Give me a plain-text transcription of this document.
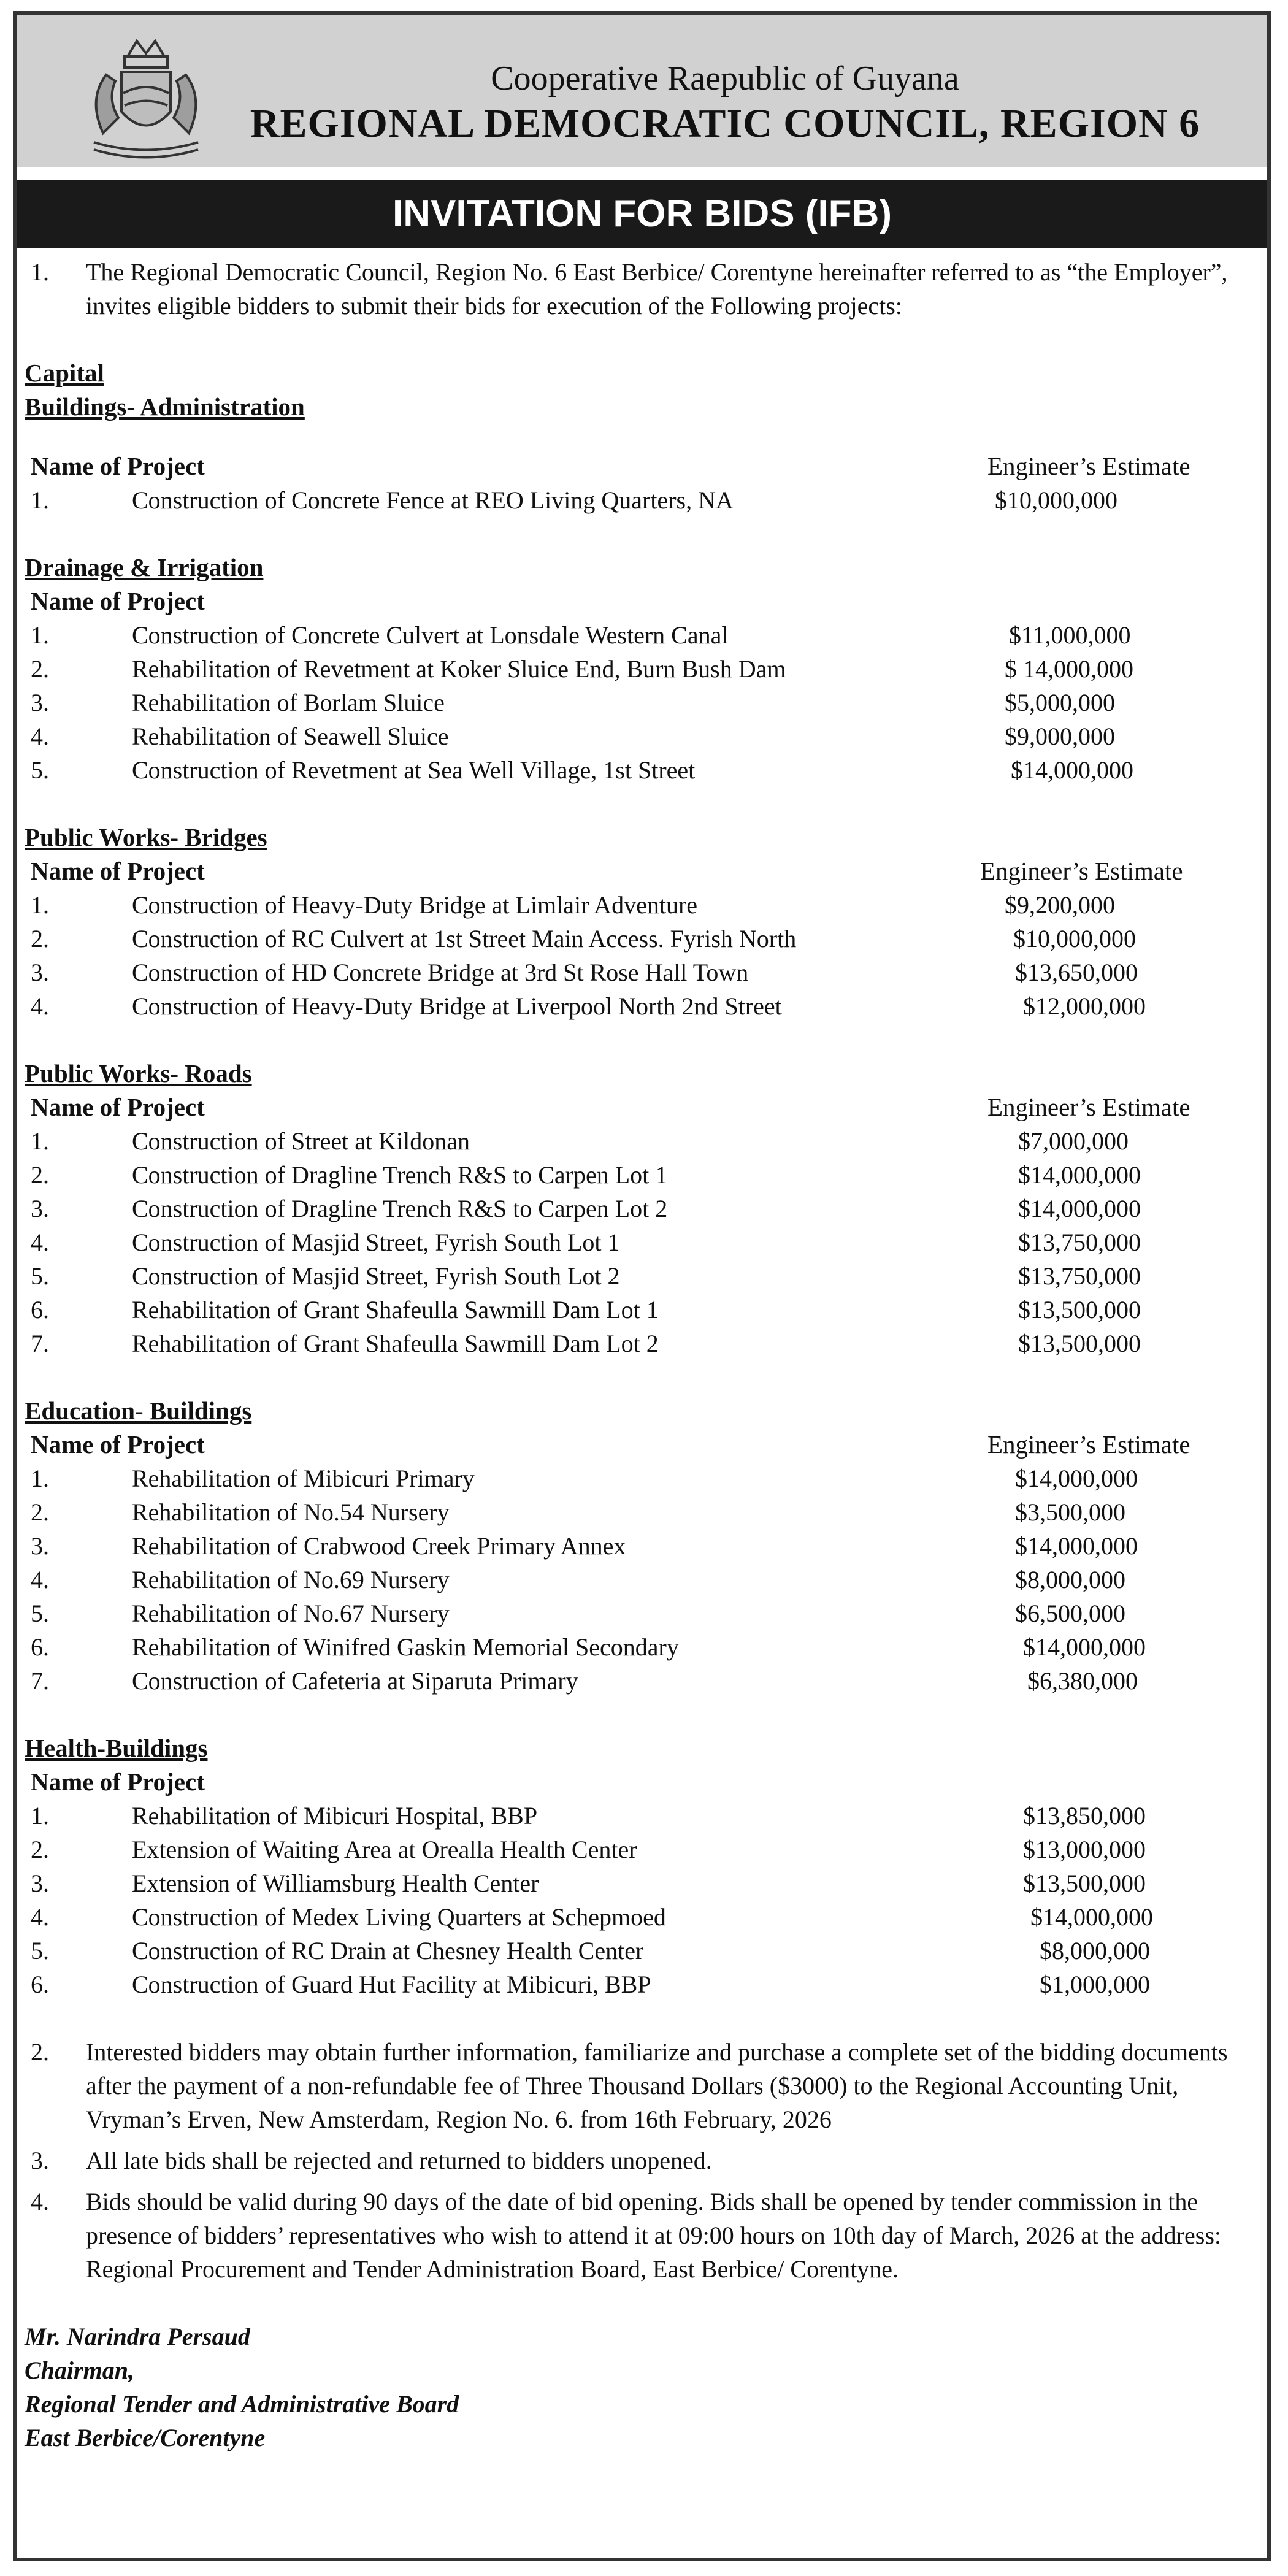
Cooperative Raepublic of Guyana
REGIONAL DEMOCRATIC COUNCIL, REGION 6
INVITATION FOR BIDS (IFB)
1. The Regional Democratic Council, Region No. 6 East Berbice/ Corentyne hereinafter referred to as “the Employer”, invites eligible bidders to submit their bids for execution of the Following projects:
Capital
Buildings- Administration
Name of Project	Engineer’s Estimate
1.	Construction of Concrete Fence at REO Living Quarters, NA	$10,000,000
Drainage & Irrigation
Name of Project
1.	Construction of Concrete Culvert at Lonsdale Western Canal	$11,000,000
2.	Rehabilitation of Revetment at Koker Sluice End, Burn Bush Dam	$ 14,000,000
3.	Rehabilitation of Borlam Sluice	$5,000,000
4.	Rehabilitation of Seawell Sluice	$9,000,000
5.	Construction of Revetment at Sea Well Village, 1st Street	$14,000,000
Public Works- Bridges
Name of Project	Engineer’s Estimate
1.	Construction of Heavy-Duty Bridge at Limlair Adventure	$9,200,000
2.	Construction of RC Culvert at 1st Street Main Access. Fyrish North	$10,000,000
3.	Construction of HD Concrete Bridge at 3rd St Rose Hall Town	$13,650,000
4.	Construction of Heavy-Duty Bridge at Liverpool North 2nd Street	$12,000,000
Public Works- Roads
Name of Project	Engineer’s Estimate
1.	Construction of Street at Kildonan	$7,000,000
2.	Construction of Dragline Trench R&S to Carpen Lot 1	$14,000,000
3.	Construction of Dragline Trench R&S to Carpen Lot 2	$14,000,000
4.	Construction of Masjid Street, Fyrish South Lot 1	$13,750,000
5.	Construction of Masjid Street, Fyrish South Lot 2	$13,750,000
6.	Rehabilitation of Grant Shafeulla Sawmill Dam Lot 1	$13,500,000
7.	Rehabilitation of Grant Shafeulla Sawmill Dam Lot 2	$13,500,000
Education- Buildings
Name of Project	Engineer’s Estimate
1.	Rehabilitation of Mibicuri Primary	$14,000,000
2.	Rehabilitation of No.54 Nursery	$3,500,000
3.	Rehabilitation of Crabwood Creek Primary Annex	$14,000,000
4.	Rehabilitation of No.69 Nursery	$8,000,000
5.	Rehabilitation of No.67 Nursery	$6,500,000
6.	Rehabilitation of Winifred Gaskin Memorial Secondary	$14,000,000
7.	Construction of Cafeteria at Siparuta Primary	$6,380,000
Health-Buildings
Name of Project
1.	Rehabilitation of Mibicuri Hospital, BBP	$13,850,000
2.	Extension of Waiting Area at Orealla Health Center	$13,000,000
3.	Extension of Williamsburg Health Center	$13,500,000
4.	Construction of Medex Living Quarters at Schepmoed	$14,000,000
5.	Construction of RC Drain at Chesney Health Center	$8,000,000
6.	Construction of Guard Hut Facility at Mibicuri, BBP	$1,000,000
2. Interested bidders may obtain further information, familiarize and purchase a complete set of the bidding documents after the payment of a non-refundable fee of Three Thousand Dollars ($3000) to the Regional Accounting Unit, Vryman’s Erven, New Amsterdam, Region No. 6. from 16th February, 2026
3. All late bids shall be rejected and returned to bidders unopened.
4. Bids should be valid during 90 days of the date of bid opening. Bids shall be opened by tender commission in the presence of bidders’ representatives who wish to attend it at 09:00 hours on 10th day of March, 2026 at the address: Regional Procurement and Tender Administration Board, East Berbice/ Corentyne.
Mr. Narindra Persaud
Chairman,
Regional Tender and Administrative Board
East Berbice/Corentyne
